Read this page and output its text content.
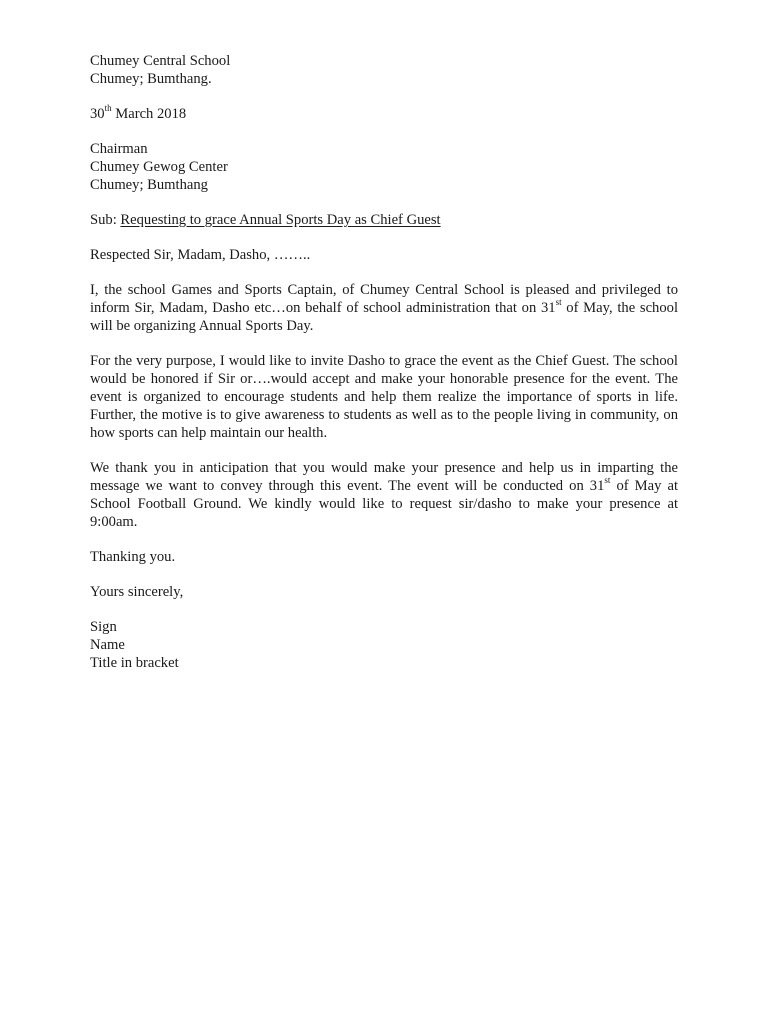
Chumey Central School
Chumey; Bumthang.
30th March 2018
Chairman
Chumey Gewog Center
Chumey; Bumthang
Sub: Requesting to grace Annual Sports Day as Chief Guest
Respected Sir, Madam, Dasho, ……..

I, the school Games and Sports Captain, of Chumey Central School is pleased and privileged to inform Sir, Madam, Dasho etc…on behalf of school administration that on 31st of May, the school will be organizing Annual Sports Day.

For the very purpose, I would like to invite Dasho to grace the event as the Chief Guest. The school would be honored if Sir or….would accept and make your honorable presence for the event. The event is organized to encourage students and help them realize the importance of sports in life. Further, the motive is to give awareness to students as well as to the people living in community, on how sports can help maintain our health.

We thank you in anticipation that you would make your presence and help us in imparting the message we want to convey through this event. The event will be conducted on 31st of May at School Football Ground. We kindly would like to request sir/dasho to make your presence at 9:00am.

Thanking you.
Yours sincerely,
Sign
Name
Title in bracket
